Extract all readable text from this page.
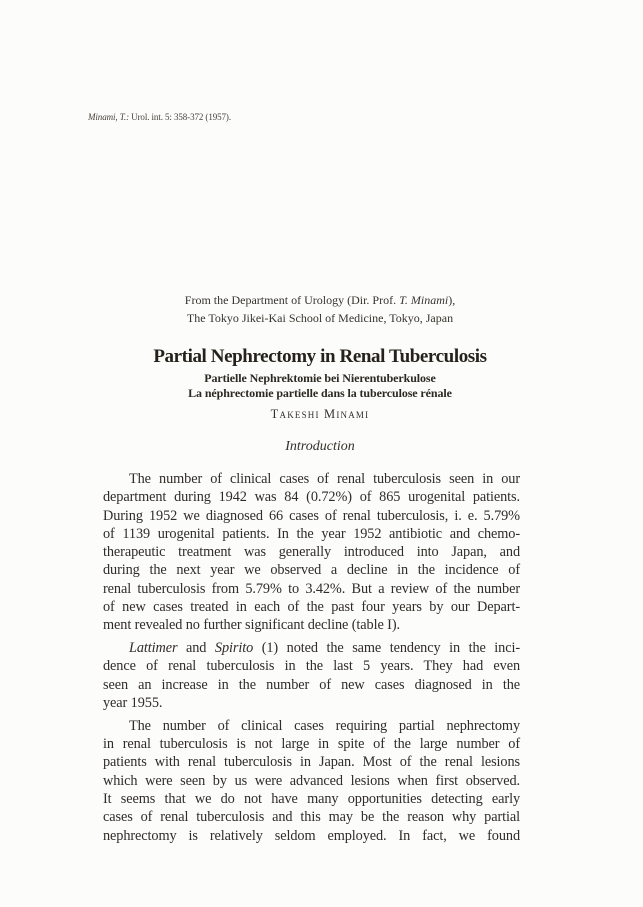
Minami, T.: Urol. int. 5: 358-372 (1957).
From the Department of Urology (Dir. Prof. T. Minami),
The Tokyo Jikei-Kai School of Medicine, Tokyo, Japan
Partial Nephrectomy in Renal Tuberculosis
Partielle Nephrektomie bei Nierentuberkulose
La néphrectomie partielle dans la tuberculose rénale
Takeshi Minami
Introduction
The number of clinical cases of renal tuberculosis seen in our
department during 1942 was 84 (0.72%) of 865 urogenital patients.
During 1952 we diagnosed 66 cases of renal tuberculosis, i. e. 5.79%
of 1139 urogenital patients. In the year 1952 antibiotic and chemo-
therapeutic treatment was generally introduced into Japan, and
during the next year we observed a decline in the incidence of
renal tuberculosis from 5.79% to 3.42%. But a review of the number
of new cases treated in each of the past four years by our Depart-
ment revealed no further significant decline (table I).
Lattimer and Spirito (1) noted the same tendency in the inci-
dence of renal tuberculosis in the last 5 years. They had even
seen an increase in the number of new cases diagnosed in the
year 1955.
The number of clinical cases requiring partial nephrectomy
in renal tuberculosis is not large in spite of the large number of
patients with renal tuberculosis in Japan. Most of the renal lesions
which were seen by us were advanced lesions when first observed.
It seems that we do not have many opportunities detecting early
cases of renal tuberculosis and this may be the reason why partial
nephrectomy is relatively seldom employed. In fact, we found
